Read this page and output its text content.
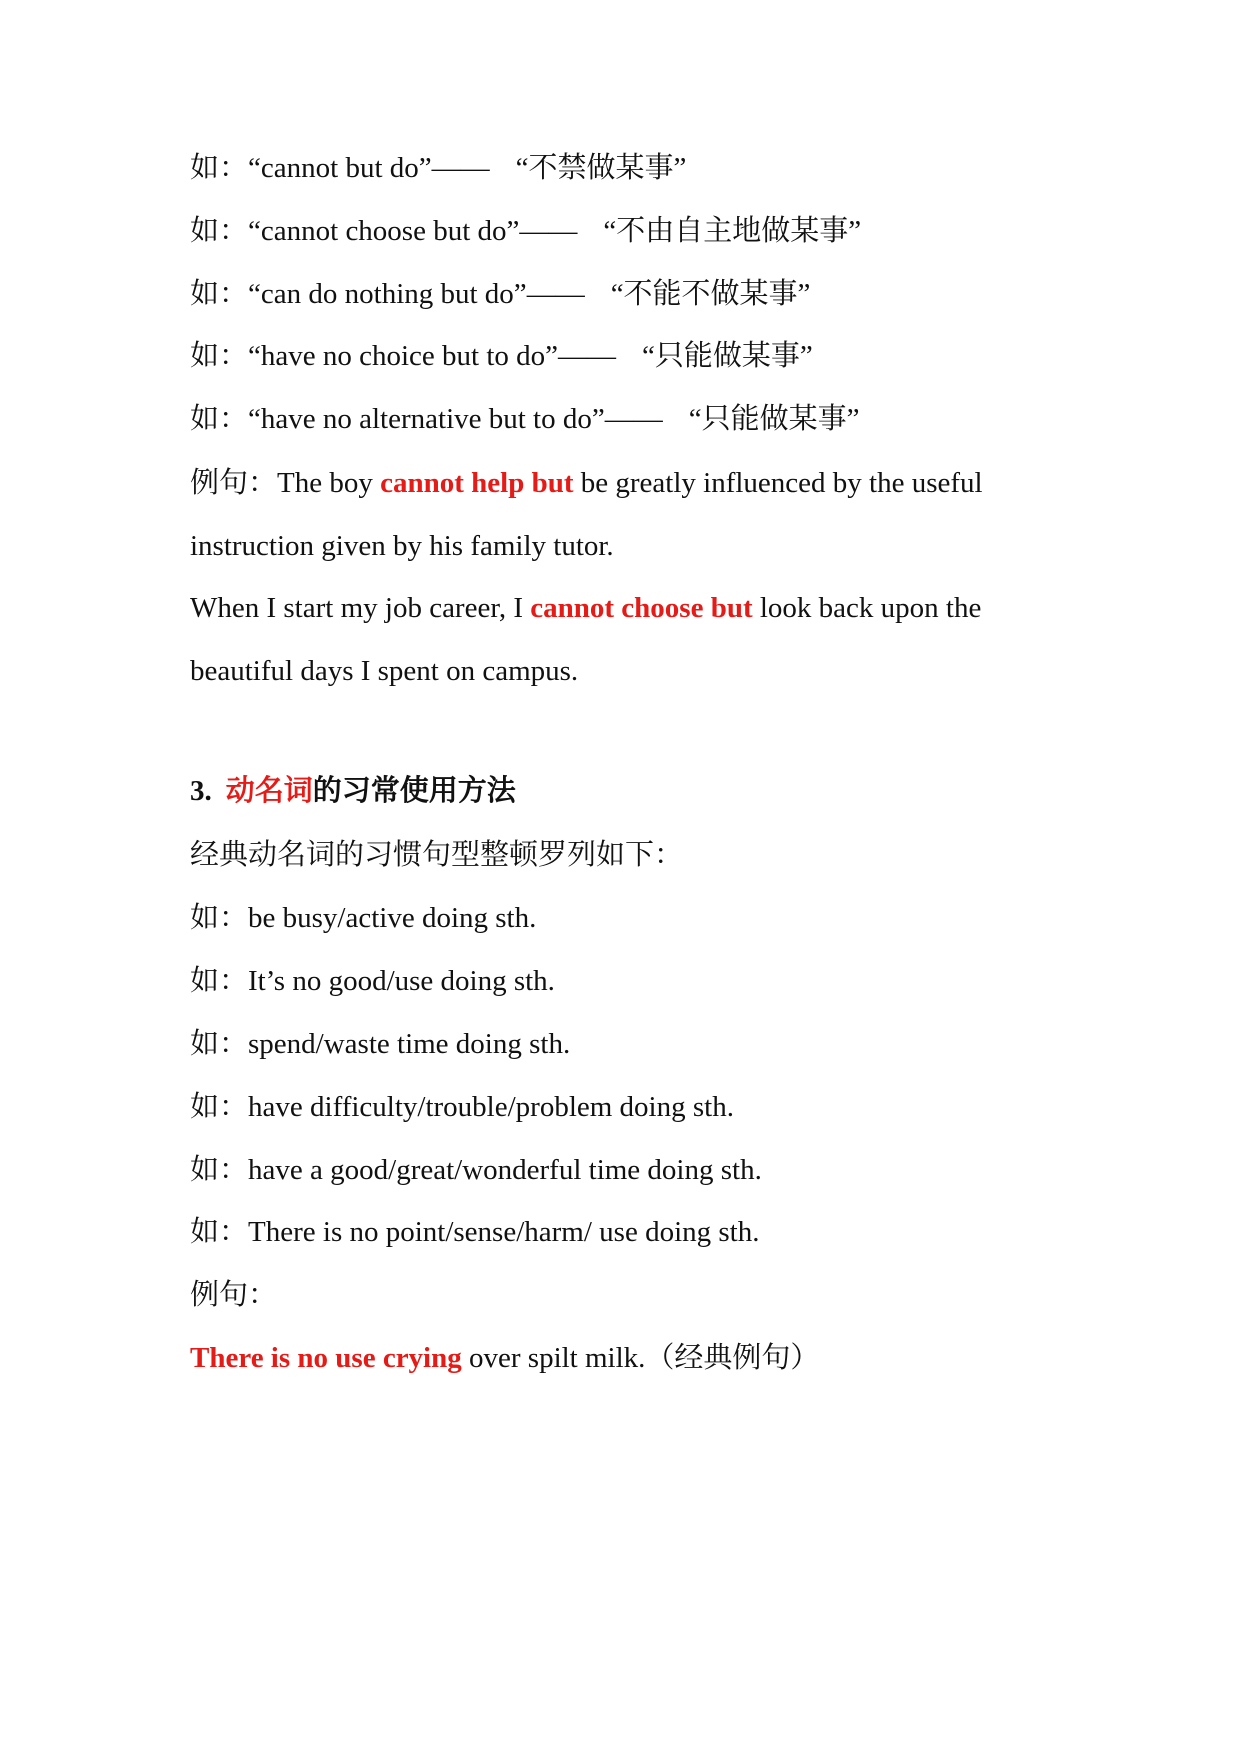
如：“cannot but do”—— “不禁做某事”
如：“cannot choose but do”—— “不由自主地做某事”
如：“can do nothing but do”—— “不能不做某事”
如：“have no choice but to do”—— “只能做某事”
如：“have no alternative but to do”—— “只能做某事”
例句：The boy cannot help but be greatly influenced by the useful
instruction given by his family tutor.
When I start my job career, I cannot choose but look back upon the
beautiful days I spent on campus.
3. 动名词的习常使用方法
经典动名词的习惯句型整顿罗列如下：
如：be busy/active doing sth.
如：It’s no good/use doing sth.
如：spend/waste time doing sth.
如：have difficulty/trouble/problem doing sth.
如：have a good/great/wonderful time doing sth.
如：There is no point/sense/harm/ use doing sth.
例句：
There is no use crying over spilt milk.（经典例句）
